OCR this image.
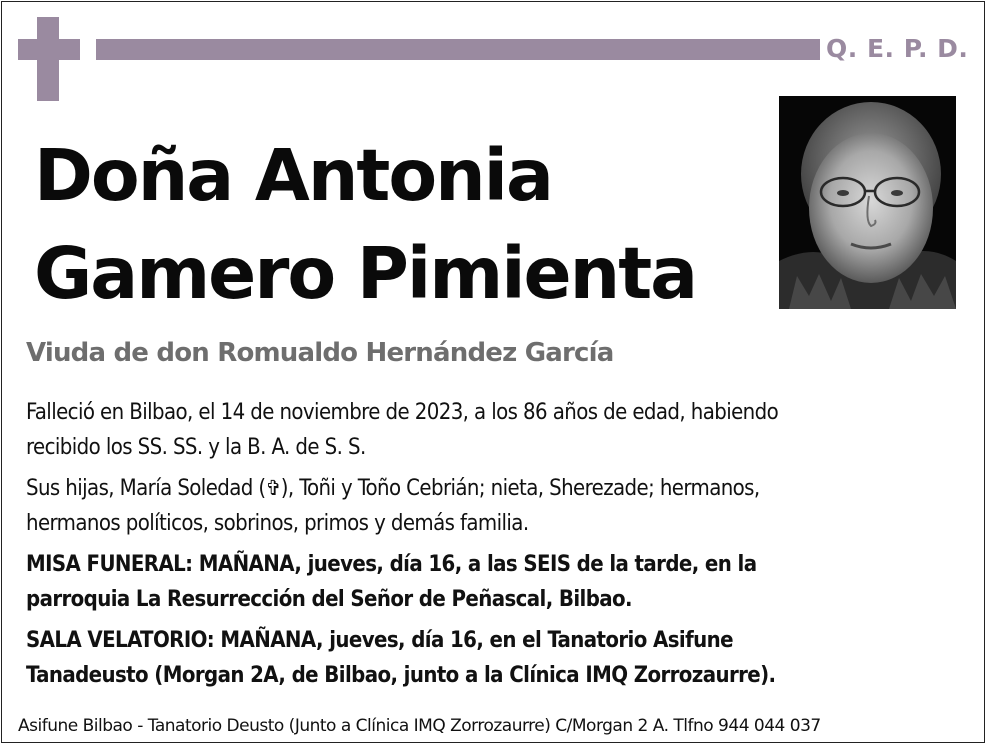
Q. E. P. D.
Doña Antonia
Gamero Pimienta
Viuda de don Romualdo Hernández García
Falleció en Bilbao, el 14 de noviembre de 2023, a los 86 años de edad, habiendo
recibido los SS. SS. y la B. A. de S. S.
Sus hijas, María Soledad (✞), Toñi y Toño Cebrián; nieta, Sherezade; hermanos,
hermanos políticos, sobrinos, primos y demás familia.
MISA FUNERAL: MAÑANA, jueves, día 16, a las SEIS de la tarde, en la
parroquia La Resurrección del Señor de Peñascal, Bilbao.
SALA VELATORIO: MAÑANA, jueves, día 16, en el Tanatorio Asifune
Tanadeusto (Morgan 2A, de Bilbao, junto a la Clínica IMQ Zorrozaurre).
Asifune Bilbao - Tanatorio Deusto (Junto a Clínica IMQ Zorrozaurre) C/Morgan 2 A. Tlfno 944 044 037
